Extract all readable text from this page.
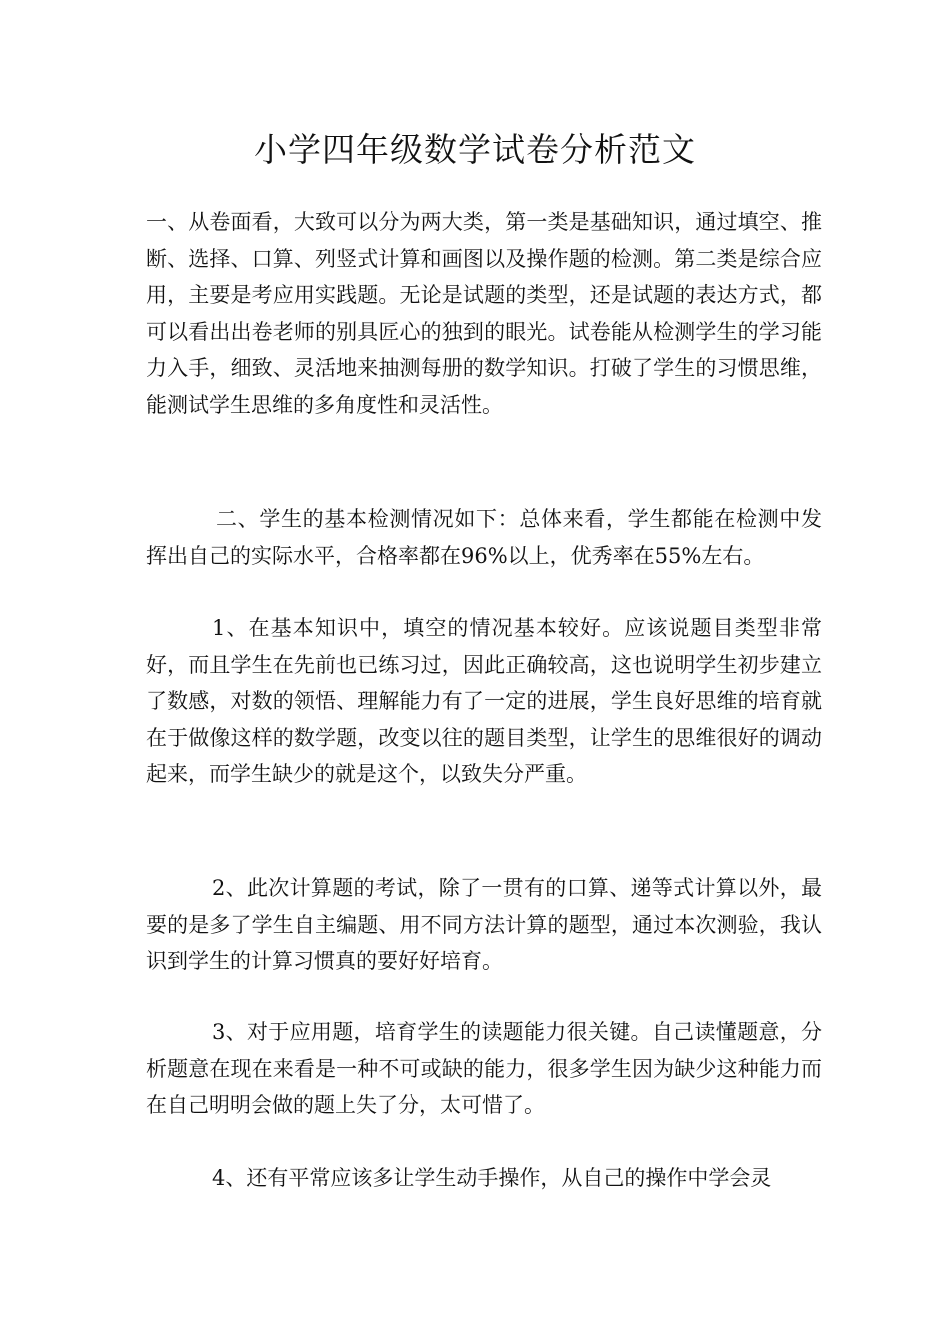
小学四年级数学试卷分析范文

一、从卷面看，大致可以分为两大类，第一类是基础知识，通过填空、推断、选择、口算、列竖式计算和画图以及操作题的检测。第二类是综合应用，主要是考应用实践题。无论是试题的类型，还是试题的表达方式，都可以看出出卷老师的别具匠心的独到的眼光。试卷能从检测学生的学习能力入手，细致、灵活地来抽测每册的数学知识。打破了学生的习惯思维，能测试学生思维的多角度性和灵活性。

二、学生的基本检测情况如下：总体来看，学生都能在检测中发挥出自己的实际水平，合格率都在96%以上，优秀率在55%左右。

1、在基本知识中，填空的情况基本较好。应该说题目类型非常好，而且学生在先前也已练习过，因此正确较高，这也说明学生初步建立了数感，对数的领悟、理解能力有了一定的进展，学生良好思维的培育就在于做像这样的数学题，改变以往的题目类型，让学生的思维很好的调动起来，而学生缺少的就是这个，以致失分严重。

2、此次计算题的考试，除了一贯有的口算、递等式计算以外，最要的是多了学生自主编题、用不同方法计算的题型，通过本次测验，我认识到学生的计算习惯真的要好好培育。

3、对于应用题，培育学生的读题能力很关键。自己读懂题意，分析题意在现在来看是一种不可或缺的能力，很多学生因为缺少这种能力而在自己明明会做的题上失了分，太可惜了。

4、还有平常应该多让学生动手操作，从自己的操作中学会灵
